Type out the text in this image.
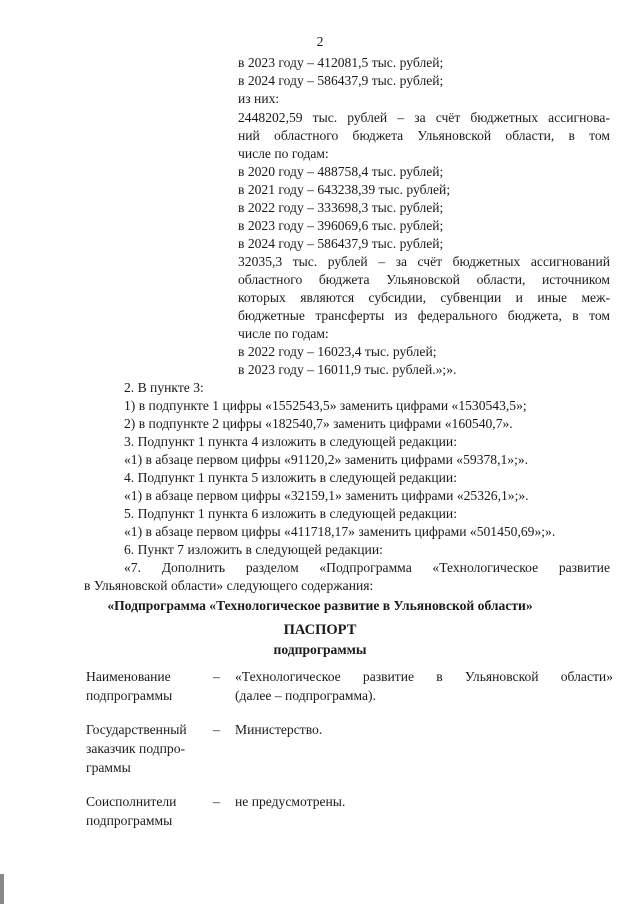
2
в 2023 году – 412081,5 тыс. рублей;
в 2024 году – 586437,9 тыс. рублей;
из них:
2448202,59 тыс. рублей – за счёт бюджетных ассигнова-
ний областного бюджета Ульяновской области, в том
числе по годам:
в 2020 году – 488758,4 тыс. рублей;
в 2021 году – 643238,39 тыс. рублей;
в 2022 году – 333698,3 тыс. рублей;
в 2023 году – 396069,6 тыс. рублей;
в 2024 году – 586437,9 тыс. рублей;
32035,3 тыс. рублей – за счёт бюджетных ассигнований
областного бюджета Ульяновской области, источником
которых являются субсидии, субвенции и иные меж-
бюджетные трансферты из федерального бюджета, в том
числе по годам:
в 2022 году – 16023,4 тыс. рублей;
в 2023 году – 16011,9 тыс. рублей.»;».
2. В пункте 3:
1) в подпункте 1 цифры «1552543,5» заменить цифрами «1530543,5»;
2) в подпункте 2 цифры «182540,7» заменить цифрами «160540,7».
3. Подпункт 1 пункта 4 изложить в следующей редакции:
«1) в абзаце первом цифры «91120,2» заменить цифрами «59378,1»;».
4. Подпункт 1 пункта 5 изложить в следующей редакции:
«1) в абзаце первом цифры «32159,1» заменить цифрами «25326,1»;».
5. Подпункт 1 пункта 6 изложить в следующей редакции:
«1) в абзаце первом цифры «411718,17» заменить цифрами «501450,69»;».
6. Пункт 7 изложить в следующей редакции:
«7. Дополнить разделом «Подпрограмма «Технологическое развитие
в Ульяновской области» следующего содержания:
«Подпрограмма «Технологическое развитие в Ульяновской области»
ПАСПОРТ
подпрограммы
Наименование
подпрограммы
– «Технологическое развитие в Ульяновской области»
(далее – подпрограмма).
Государственный
заказчик подпро-
граммы
– Министерство.
Соисполнители
подпрограммы
– не предусмотрены.
